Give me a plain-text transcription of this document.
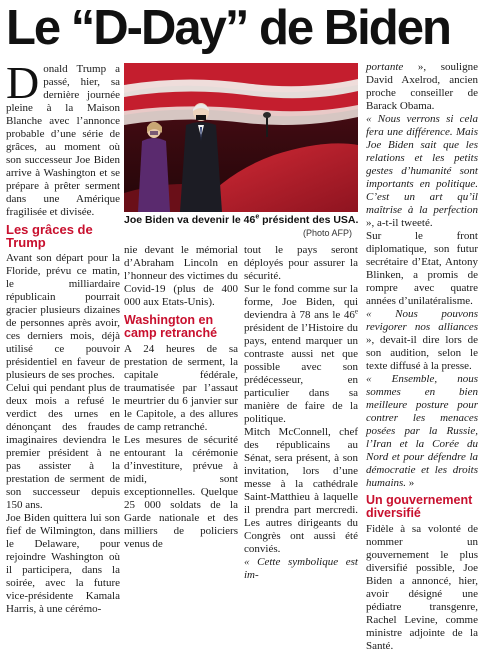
Le “D-Day” de Biden

Donald Trump a passé, hier, sa dernière journée pleine à la Maison Blanche avec l’annonce probable d’une série de grâces, au moment où son successeur Joe Biden arrive à Washington et se prépare à prêter serment dans une Amérique fragilisée et divisée.

Les grâces de Trump

Avant son départ pour la Floride, prévu ce matin, le milliardaire républicain pourrait gracier plusieurs dizaines de personnes après avoir, ces derniers mois, déjà utilisé ce pouvoir présidentiel en faveur de plusieurs de ses proches.

Celui qui pendant plus de deux mois a refusé le verdict des urnes en dénonçant des fraudes imaginaires deviendra le premier président à ne pas assister à la prestation de serment de son successeur depuis 150 ans.

Joe Biden quittera lui son fief de Wilmington, dans le Delaware, pour rejoindre Washington où il participera, dans la soirée, avec la future vice-présidente Kamala Harris, à une cérémo-

Joe Biden va devenir le 46e président des USA.
(Photo AFP)

nie devant le mémorial d’Abraham Lincoln en l’honneur des victimes du Covid-19 (plus de 400 000 aux Etats-Unis).

Washington en camp retranché

A 24 heures de sa prestation de serment, la capitale fédérale, traumatisée par l’assaut meurtrier du 6 janvier sur le Capitole, a des allures de camp retranché.

Les mesures de sécurité entourant la cérémonie d’investiture, prévue à midi, sont exceptionnelles. Quelque 25 000 soldats de la Garde nationale et des milliers de policiers venus de

tout le pays seront déployés pour assurer la sécurité.

Sur le fond comme sur la forme, Joe Biden, qui deviendra à 78 ans le 46e président de l’Histoire du pays, entend marquer un contraste aussi net que possible avec son prédécesseur, en particulier dans sa manière de faire de la politique.

Mitch McConnell, chef des républicains au Sénat, sera présent, à son invitation, lors d’une messe à la cathédrale Saint-Matthieu à laquelle il prendra part mercredi. Les autres dirigeants du Congrès ont aussi été conviés.

« Cette symbolique est im-

portante », souligne David Axelrod, ancien proche conseiller de Barack Obama.

« Nous verrons si cela fera une différence. Mais Joe Biden sait que les relations et les petits gestes d’humanité sont importants en politique. C’est un art qu’il maîtrise à la perfection », a-t-il tweeté.

Sur le front diplomatique, son futur secrétaire d’Etat, Antony Blinken, a promis de rompre avec quatre années d’unilatéralisme.

« Nous pouvons revigorer nos alliances », devait-il dire lors de son audition, selon le texte diffusé à la presse.

« Ensemble, nous sommes en bien meilleure posture pour contrer les menaces posées par la Russie, l’Iran et la Corée du Nord et pour défendre la démocratie et les droits humains. »

Un gouvernement diversifié

Fidèle à sa volonté de nommer un gouvernement le plus diversifié possible, Joe Biden a annoncé, hier, avoir désigné une pédiatre transgenre, Rachel Levine, comme ministre adjointe de la Santé.
